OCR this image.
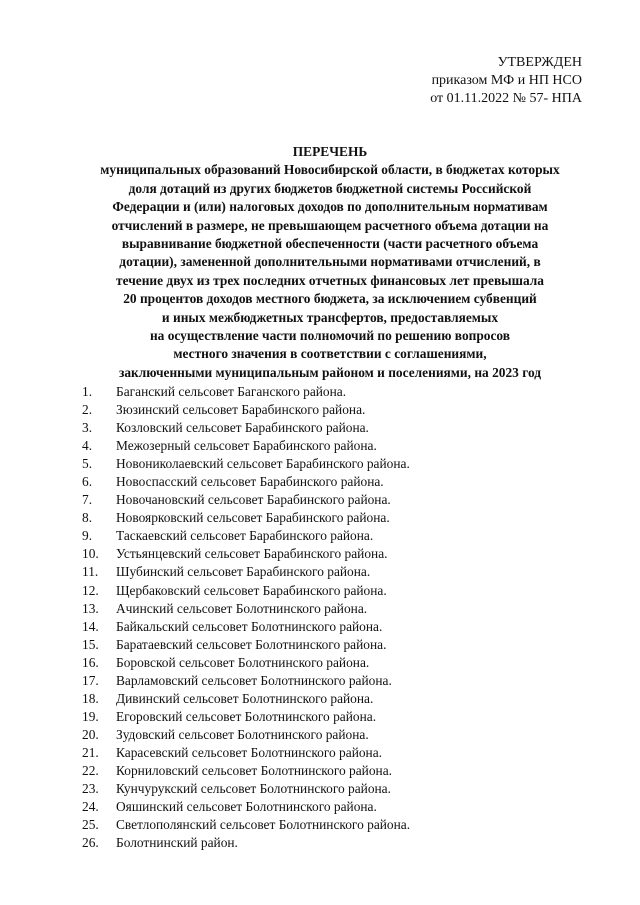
УТВЕРЖДЕН
приказом МФ и НП НСО
от 01.11.2022 № 57- НПА
ПЕРЕЧЕНЬ
муниципальных образований Новосибирской области, в бюджетах которых
доля дотаций из других бюджетов бюджетной системы Российской
Федерации и (или) налоговых доходов по дополнительным нормативам
отчислений в размере, не превышающем расчетного объема дотации на
выравнивание бюджетной обеспеченности (части расчетного объема
дотации), замененной дополнительными нормативами отчислений, в
течение двух из трех последних отчетных финансовых лет превышала
20 процентов доходов местного бюджета, за исключением субвенций
и иных межбюджетных трансфертов, предоставляемых
на осуществление части полномочий по решению вопросов
местного значения в соответствии с соглашениями,
заключенными муниципальным районом и поселениями, на 2023 год
1.	Баганский сельсовет Баганского района.
2.	Зюзинский сельсовет Барабинского района.
3.	Козловский сельсовет Барабинского района.
4.	Межозерный сельсовет Барабинского района.
5.	Новониколаевский сельсовет Барабинского района.
6.	Новоспасский сельсовет Барабинского района.
7.	Новочановский сельсовет Барабинского района.
8.	Новоярковский сельсовет Барабинского района.
9.	Таскаевский сельсовет Барабинского района.
10.	Устьянцевский сельсовет Барабинского района.
11.	Шубинский сельсовет Барабинского района.
12.	Щербаковский сельсовет Барабинского района.
13.	Ачинский сельсовет Болотнинского района.
14.	Байкальский сельсовет Болотнинского района.
15.	Баратаевский сельсовет Болотнинского района.
16.	Боровской сельсовет Болотнинского района.
17.	Варламовский сельсовет Болотнинского района.
18.	Дивинский сельсовет Болотнинского района.
19.	Егоровский сельсовет Болотнинского района.
20.	Зудовский сельсовет Болотнинского района.
21.	Карасевский сельсовет Болотнинского района.
22.	Корниловский сельсовет Болотнинского района.
23.	Кунчурукский сельсовет Болотнинского района.
24.	Ояшинский сельсовет Болотнинского района.
25.	Светлополянский сельсовет Болотнинского района.
26.	Болотнинский район.
